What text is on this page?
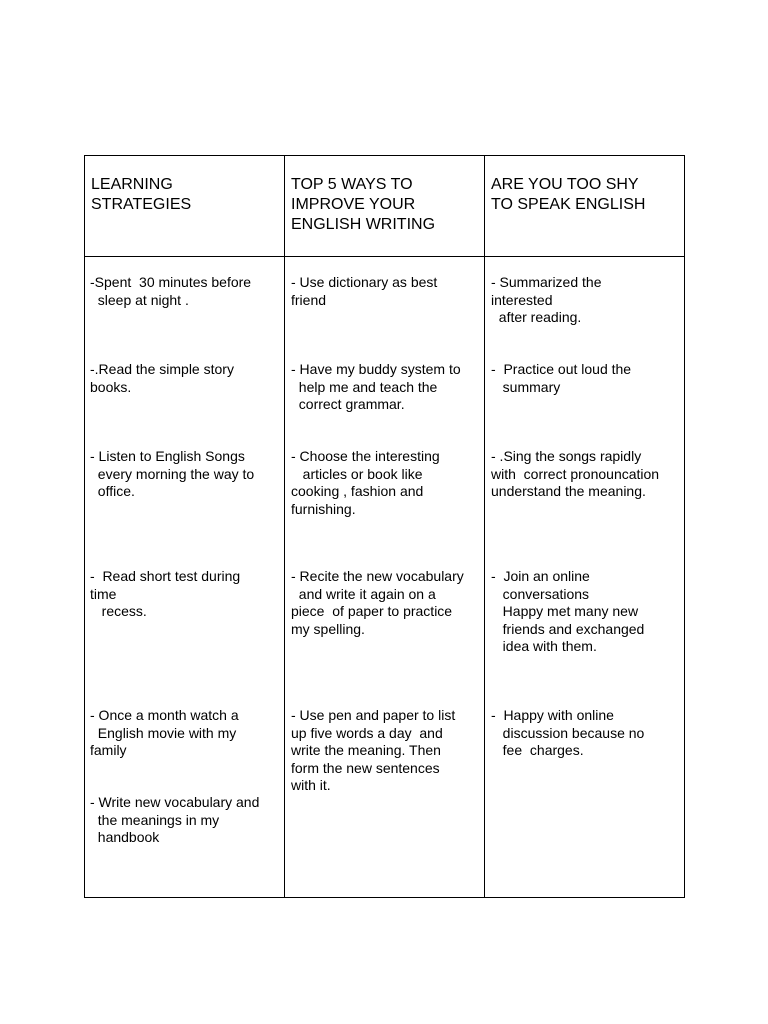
LEARNING
STRATEGIES
TOP 5 WAYS TO
IMPROVE YOUR
ENGLISH WRITING
ARE YOU TOO SHY
TO SPEAK ENGLISH

-Spent  30 minutes before
sleep at night .

-.Read the simple story
books.

- Listen to English Songs
every morning the way to
office.

-  Read short test during
time
recess.

- Once a month watch a
English movie with my
family

- Write new vocabulary and
the meanings in my
handbook

- Use dictionary as best
friend

- Have my buddy system to
help me and teach the
correct grammar.

- Choose the interesting
articles or book like
cooking , fashion and
furnishing.

- Recite the new vocabulary
and write it again on a
piece  of paper to practice
my spelling.

- Use pen and paper to list
up five words a day  and
write the meaning. Then
form the new sentences
with it.

- Summarized the
interested
after reading.

-  Practice out loud the
summary

- .Sing the songs rapidly
with  correct pronouncation
understand the meaning.

-  Join an online
conversations
Happy met many new
friends and exchanged
idea with them.

-  Happy with online
discussion because no
fee  charges.
